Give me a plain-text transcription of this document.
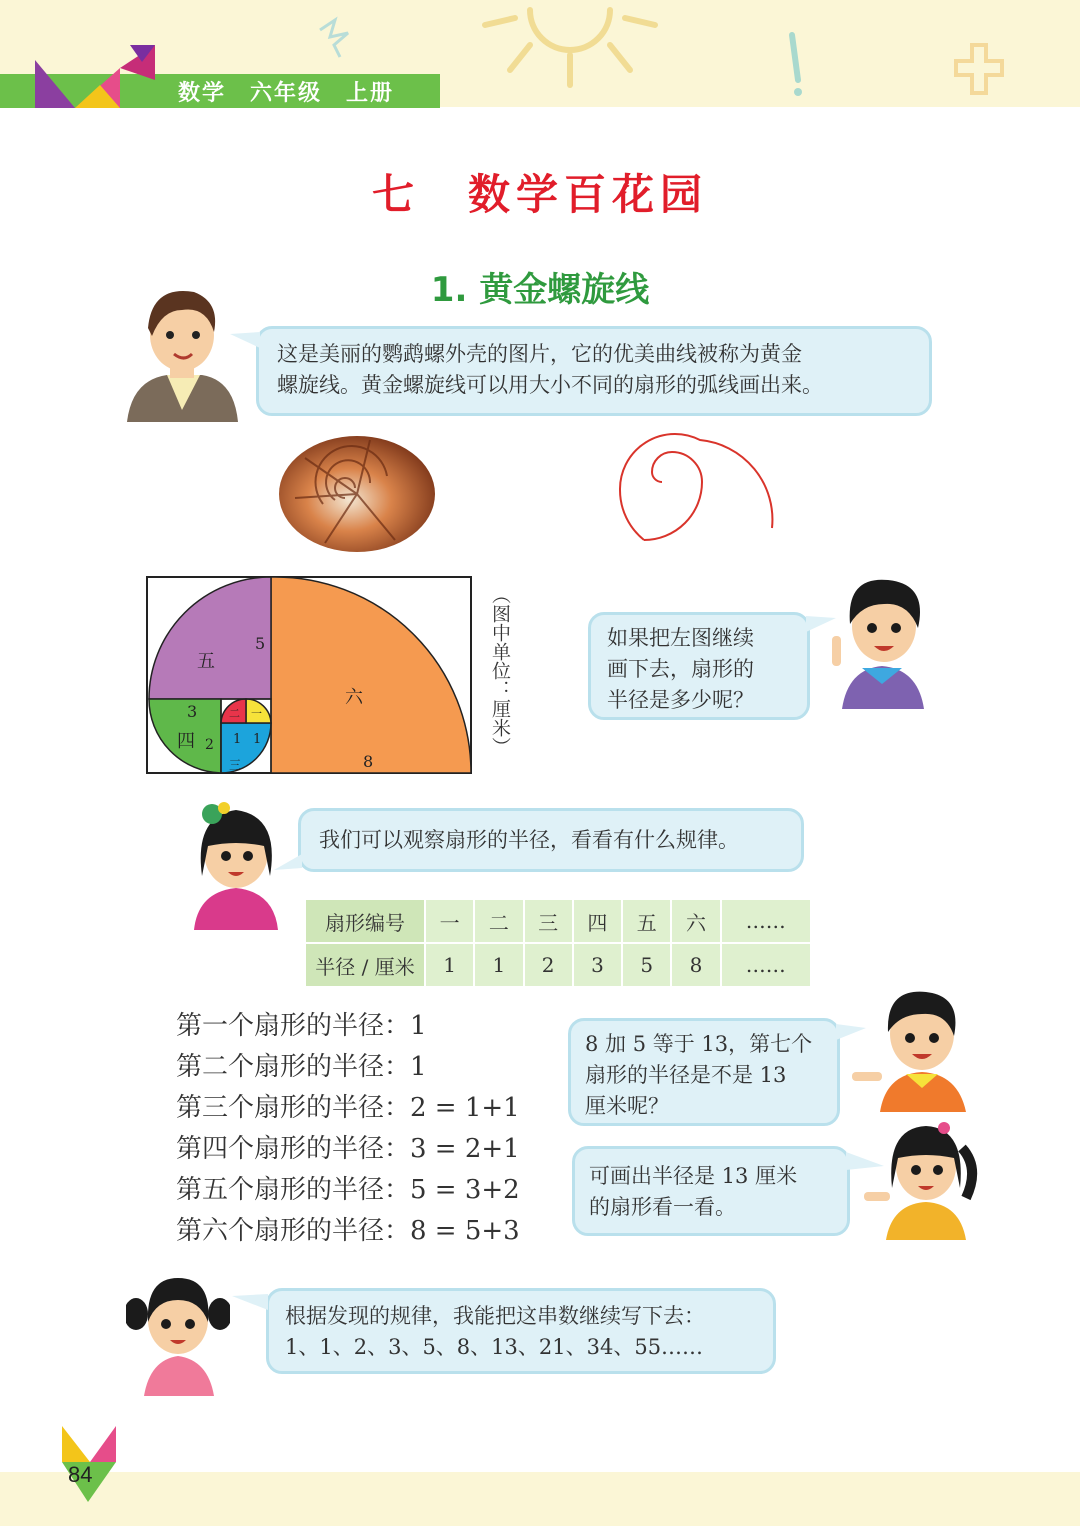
数学　六年级　上册
七　数学百花园
1. 黄金螺旋线
这是美丽的鹦鹉螺外壳的图片，它的优美曲线被称为黄金
螺旋线。黄金螺旋线可以用大小不同的扇形的弧线画出来。
五
六
四
三
一
二
5
8
3
2 1 1	（图中单位：厘米）	如果把左图继续
画下去，扇形的
半径是多少呢？
我们可以观察扇形的半径，看看有什么规律。
扇形编号	一	二	三	四	五	六	……
半径 / 厘米	1	1	2	3	5	8	……
第一个扇形的半径：1
第二个扇形的半径：1
第三个扇形的半径：2 = 1+1
第四个扇形的半径：3 = 2+1
第五个扇形的半径：5 = 3+2
第六个扇形的半径：8 = 5+3
8 加 5 等于 13，第七个
扇形的半径是不是 13
厘米呢？
可画出半径是 13 厘米
的扇形看一看。
根据发现的规律，我能把这串数继续写下去：
1、1、2、3、5、8、13、21、34、55……
84
